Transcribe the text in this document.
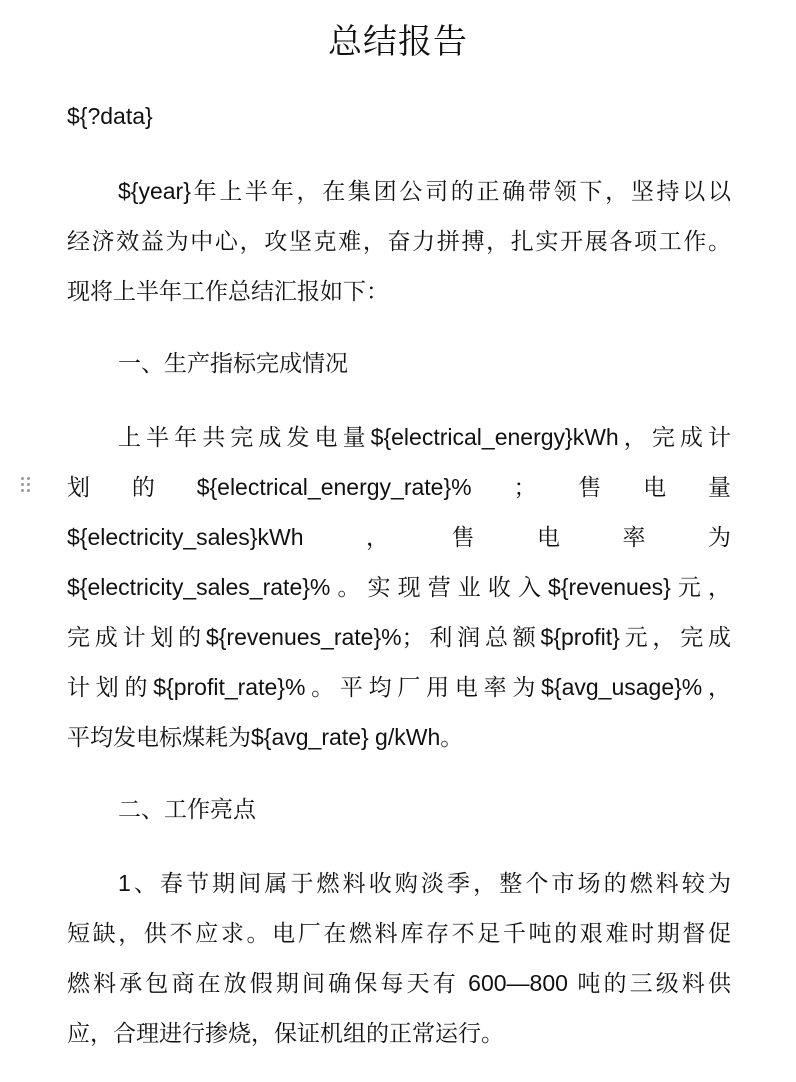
总结报告
${?data}
${year}年上半年，在集团公司的正确带领下，坚持以以
经济效益为中心，攻坚克难，奋力拼搏，扎实开展各项工作。
现将上半年工作总结汇报如下：
一、生产指标完成情况
上半年共完成发电量${electrical_energy}kWh，完成计
划 的 ${electrical_energy_rate}% ； 售 电 量
${electricity_sales}kWh	，	售	电	率	为
${electricity_sales_rate}%。实现营业收入${revenues}元，
完成计划的${revenues_rate}%；利润总额${profit}元，完成
计划的${profit_rate}%。平均厂用电率为${avg_usage}%，
平均发电标煤耗为${avg_rate} g/kWh。
二、工作亮点
1、春节期间属于燃料收购淡季，整个市场的燃料较为
短缺，供不应求。电厂在燃料库存不足千吨的艰难时期督促
燃料承包商在放假期间确保每天有 600—800 吨的三级料供
应，合理进行掺烧，保证机组的正常运行。
